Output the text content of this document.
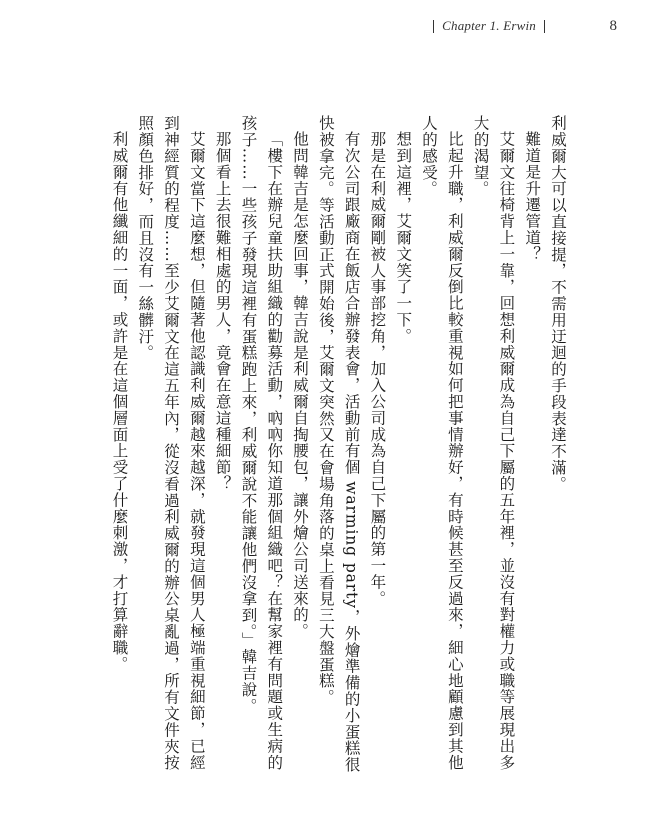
Chapter 1. Erwin	8

利威爾大可以直接提，不需用迂迴的手段表達不滿。

難道是升遷管道？

艾爾文往椅背上一靠，回想利威爾成為自己下屬的五年裡，並沒有對權力或職等展現出多大的渴望。

比起升職，利威爾反倒比較重視如何把事情辦好，有時候甚至反過來，細心地顧慮到其他人的感受。

想到這裡，艾爾文笑了一下。

那是在利威爾剛被人事部挖角，加入公司成為自己下屬的第一年。

有次公司跟廠商在飯店合辦發表會，活動前有個 warming party，外燴準備的小蛋糕很快被拿完。等活動正式開始後，艾爾文突然又在會場角落的桌上看見三大盤蛋糕。

他問韓吉是怎麼回事，韓吉說是利威爾自掏腰包，讓外燴公司送來的。

「樓下在辦兒童扶助組織的勸募活動，吶吶你知道那個組織吧？在幫家裡有問題或生病的孩子……一些孩子發現這裡有蛋糕跑上來，利威爾說不能讓他們沒拿到。」韓吉說。

那個看上去很難相處的男人，竟會在意這種細節？

艾爾文當下這麼想，但隨著他認識利威爾越來越深，就發現這個男人極端重視細節，已經到神經質的程度……至少艾爾文在這五年內，從沒看過利威爾的辦公桌亂過，所有文件夾按照顏色排好，而且沒有一絲髒汙。

利威爾有他纖細的一面，或許是在這個層面上受了什麼刺激，才打算辭職。
